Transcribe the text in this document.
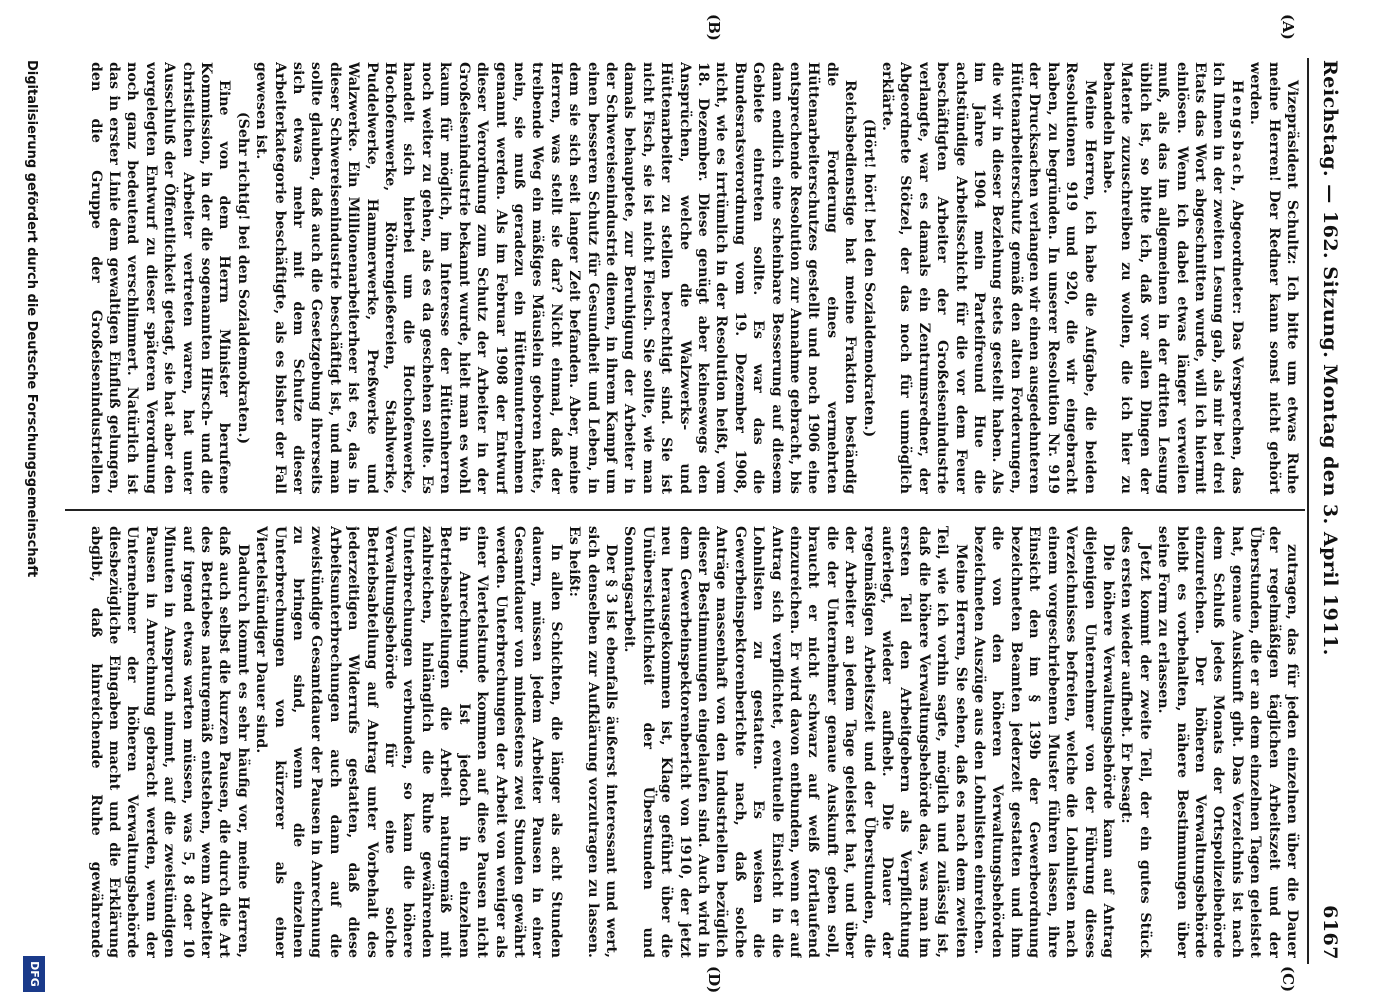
Reichstag. — 162. Sitzung.
Montag den 3. April 1911.
6167
(A)
(B)
(C)
(D)

Vizepräsident Schultz: Ich bitte um etwas Ruhe meine Herren! Der Redner kann sonst nicht gehört werden.

Hengsbach, Abgeordneter: Das Versprechen, das ich Ihnen in der zweiten Lesung gab, als mir bei drei Etats das Wort abgeschnitten wurde, will ich hiermit einlösen. Wenn ich dabei etwas länger verweilen muß, als das im allgemeinen in der dritten Lesung üblich ist, so bitte ich, daß vor allen Dingen der Materie zuzuschreiben zu wollen, die ich hier zu behandeln habe.

Meine Herren, ich habe die Aufgabe, die beiden Resolutionen 919 und 920, die wir eingebracht haben, zu begründen. In unserer Resolution Nr. 919 der Drucksachen verlangen wir einen ausgedehnteren Hüttenarbeiterschutz gemäß den alten Forderungen, die wir in dieser Beziehung stets gestellt haben. Als im Jahre 1904 mein Parteifreund Hue die achtstündige Arbeitsschicht für die vor dem Feuer beschäftigten Arbeiter der Großeisenindustrie verlangte, war es damals ein Zentrumsredner, der Abgeordnete Stötzel, der das noch für unmöglich erklärte.

(Hört! hört! bei den Sozialdemokraten.)

Reichsbedienstige hat meine Fraktion beständig die Forderung eines vermehrten Hüttenarbeiterschutzes gestellt und noch 1906 eine entsprechende Resolution zur Annahme gebracht, bis dann endlich eine scheinbare Besserung auf diesem Gebiete eintreten sollte. Es war das die Bundesratsverordnung vom 19. Dezember 1908, nicht, wie es irrtümlich in der Resolution heißt, vom 18. Dezember. Diese genügt aber keineswegs den Ansprüchen, welche die Walzwerks- und Hüttenarbeiter zu stellen berechtigt sind. Sie ist nicht Fisch, sie ist nicht Fleisch. Sie sollte, wie man damals behauptete, zur Beruhigung der Arbeiter in der Schwereisenindustrie dienen, in ihrem Kampf um einen besseren Schutz für Gesundheit und Leben, in dem sie sich seit langer Zeit befanden. Aber, meine Herren, was stellt sie dar? Nicht einmal, daß der treibende Weg ein mäßiges Mäuslein geboren hätte, nein, sie muß geradezu ein Hüttenunternehmen genannt werden. Als im Februar 1908 der Entwurf dieser Verordnung zum Schutz der Arbeiter in der Großeisenindustrie bekannt wurde, hielt man es wohl kaum für möglich, im Interesse der Hüttenherren noch weiter zu gehen, als es da geschehen sollte. Es handelt sich hierbei um die Hochofenwerke, Hochofenwerke, Röhrengießereien, Stahlwerke, Puddelwerke, Hammerwerke, Preßwerke und Walzwerke. Ein Millionenarbeiterheer ist es, das in dieser Schwereisenindustrie beschäftigt ist, und man sollte glauben, daß auch die Gesetzgebung ihrerseits sich etwas mehr mit dem Schutze dieser Arbeiterkategorie beschäftigte, als es bisher der Fall gewesen ist.

(Sehr richtig! bei den Sozialdemokraten.)

Eine von dem Herrn Minister berufene Kommission, in der die sogenannten Hirsch- und die christlichen Arbeiter vertreten waren, hat unter Ausschluß der Öffentlichkeit getagt, sie hat aber den vorgelegten Entwurf zu dieser späteren Verordnung noch ganz bedeutend verschlimmert. Natürlich ist das in erster Linie dem gewaltigen Einfluß gelungen, den die Gruppe der Großeisenindustriellen

zutragen, das für jeden einzelnen über die Dauer der regelmäßigen täglichen Arbeitszeit und der Überstunden, die er an dem einzelnen Tagen geleistet hat, genaue Auskunft gibt. Das Verzeichnis ist nach dem Schluß jedes Monats der Ortspolizeibehörde einzureichen. Der höheren Verwaltungsbehörde bleibt es vorbehalten, nähere Bestimmungen über seine Form zu erlassen.

Jetzt kommt der zweite Teil, der ein gutes Stück des ersten wieder aufhebt. Er besagt:

Die höhere Verwaltungsbehörde kann auf Antrag diejenigen Unternehmer von der Führung dieses Verzeichnisses befreien, welche die Lohnlisten nach einem vorgeschriebenen Muster führen lassen, ihre Einsicht den im § 139b der Gewerbeordnung bezeichneten Beamten jederzeit gestatten und ihm die von den höheren Verwaltungsbehörden bezeichneten Auszüge aus den Lohnlisten einreichen.

Meine Herren, Sie sehen, daß es nach dem zweiten Teil, wie ich vorhin sagte, möglich und zulässig ist, daß die höhere Verwaltungsbehörde das, was man im ersten Teil den Arbeitgebern als Verpflichtung auferlegt, wieder aufhebt. Die Dauer der regelmäßigen Arbeitszeit und der Überstunden, die der Arbeiter an jedem Tage geleistet hat, und über die der Unternehmer genaue Auskunft geben soll, braucht er nicht schwarz auf weiß fortlaufend einzureichen. Er wird davon entbunden, wenn er auf Antrag sich verpflichtet, eventuelle Einsicht in die Lohnlisten zu gestatten. Es weisen die Gewerbeinspektorenberichte nach, daß solche Anträge massenhaft von den Industriellen bezüglich dieser Bestimmungen eingelaufen sind. Auch wird in dem Gewerbeinspektorenbericht von 1910, der jetzt neu herausgekommen ist, Klage geführt über die Unübersichtlichkeit der Überstunden und Sonntagsarbeit.

Der § 3 ist ebenfalls äußerst interessant und wert, sich denselben zur Aufklärung vorzutragen zu lassen. Es heißt:

In allen Schichten, die länger als acht Stunden dauern, müssen jedem Arbeiter Pausen in einer Gesamtdauer von mindestens zwei Stunden gewährt werden. Unterbrechungen der Arbeit von weniger als einer Viertelstunde kommen auf diese Pausen nicht in Anrechnung. Ist jedoch in einzelnen Betriebsabteilungen die Arbeit naturgemäß mit zahlreichen, hinlänglich die Ruhe gewährenden Unterbrechungen verbunden, so kann die höhere Verwaltungsbehörde für eine solche Betriebsabteilung auf Antrag unter Vorbehalt des jederzeitigen Widerrufs gestatten, daß diese Arbeitsunterbrechungen auch dann auf die zweistündige Gesamtdauer der Pausen in Anrechnung zu bringen sind, wenn die einzelnen Unterbrechungen von kürzerer als einer Viertelstündiger Dauer sind.

Dadurch kommt es sehr häufig vor, meine Herren, daß auch selbst die kurzen Pausen, die durch die Art des Betriebes naturgemäß entstehen, wenn Arbeiter auf irgend etwas warten müssen, was 5, 8 oder 10 Minuten in Anspruch nimmt, auf die zweistündigen Pausen in Anrechnung gebracht werden, wenn der Unternehmer der höheren Verwaltungsbehörde diesbezügliche Eingaben macht und die Erklärung abgibt, daß hinreichende Ruhe gewährende

Digitalisierung gefördert durch die Deutsche Forschungsgemeinschaft
DFG
